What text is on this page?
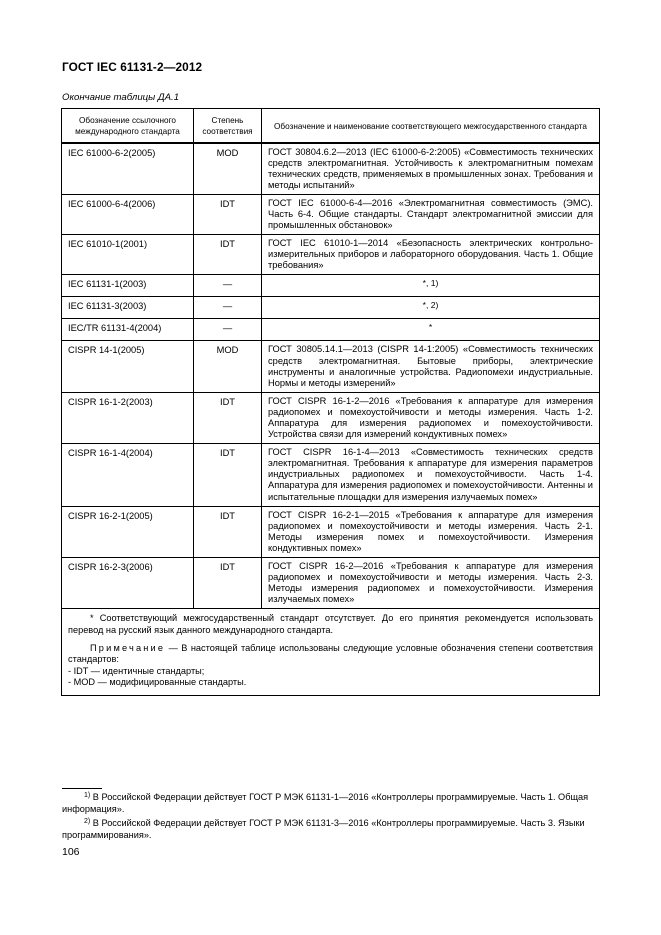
ГОСТ IEC 61131-2—2012
Окончание таблицы ДА.1
Обозначение ссылочного международного стандарта	Степень соответствия	Обозначение и наименование соответствующего межгосударственного стандарта
IEC 61000-6-2(2005)	MOD	ГОСТ 30804.6.2—2013 (IEC 61000-6-2:2005) «Совместимость технических средств электромагнитная. Устойчивость к электромагнитным помехам технических средств, применяемых в промышленных зонах. Требования и методы испытаний»
IEC 61000-6-4(2006)	IDT	ГОСТ IEC 61000-6-4—2016 «Электромагнитная совместимость (ЭМС). Часть 6-4. Общие стандарты. Стандарт электромагнитной эмиссии для промышленных обстановок»
IEC 61010-1(2001)	IDT	ГОСТ IEC 61010-1—2014 «Безопасность электрических контрольно-измерительных приборов и лабораторного оборудования. Часть 1. Общие требования»
IEC 61131-1(2003)	—	*, 1)
IEC 61131-3(2003)	—	*, 2)
IEC/TR 61131-4(2004)	—	*
CISPR 14-1(2005)	MOD	ГОСТ 30805.14.1—2013 (CISPR 14-1:2005) «Совместимость технических средств электромагнитная. Бытовые приборы, электрические инструменты и аналогичные устройства. Радиопомехи индустриальные. Нормы и методы измерений»
CISPR 16-1-2(2003)	IDT	ГОСТ CISPR 16-1-2—2016 «Требования к аппаратуре для измерения радиопомех и помехоустойчивости и методы измерения. Часть 1-2. Аппаратура для измерения радиопомех и помехоустойчивости. Устройства связи для измерений кондуктивных помех»
CISPR 16-1-4(2004)	IDT	ГОСТ CISPR 16-1-4—2013 «Совместимость технических средств электромагнитная. Требования к аппаратуре для измерения параметров индустриальных радиопомех и помехоустойчивости. Часть 1-4. Аппаратура для измерения радиопомех и помехоустойчивости. Антенны и испытательные площадки для измерения излучаемых помех»
CISPR 16-2-1(2005)	IDT	ГОСТ CISPR 16-2-1—2015 «Требования к аппаратуре для измерения радиопомех и помехоустойчивости и методы измерения. Часть 2-1. Методы измерения помех и помехоустойчивости. Измерения кондуктивных помех»
CISPR 16-2-3(2006)	IDT	ГОСТ CISPR 16-2—2016 «Требования к аппаратуре для измерения радиопомех и помехоустойчивости и методы измерения. Часть 2-3. Методы измерения радиопомех и помехоустойчивости. Измерения излучаемых помех»

* Соответствующий межгосударственный стандарт отсутствует. До его принятия рекомендуется использовать перевод на русский язык данного международного стандарта.

Примечание — В настоящей таблице использованы следующие условные обозначения степени соответствия стандартов:

- IDT — идентичные стандарты;

- MOD — модифицированные стандарты.		

$^{1)}$ В Российской Федерации действует ГОСТ Р МЭК 61131-1—2016 «Контроллеры программируемые. Часть 1. Общая информация».
$^{2)}$ В Российской Федерации действует ГОСТ Р МЭК 61131-3—2016 «Контроллеры программируемые. Часть 3. Языки программирования».
106
